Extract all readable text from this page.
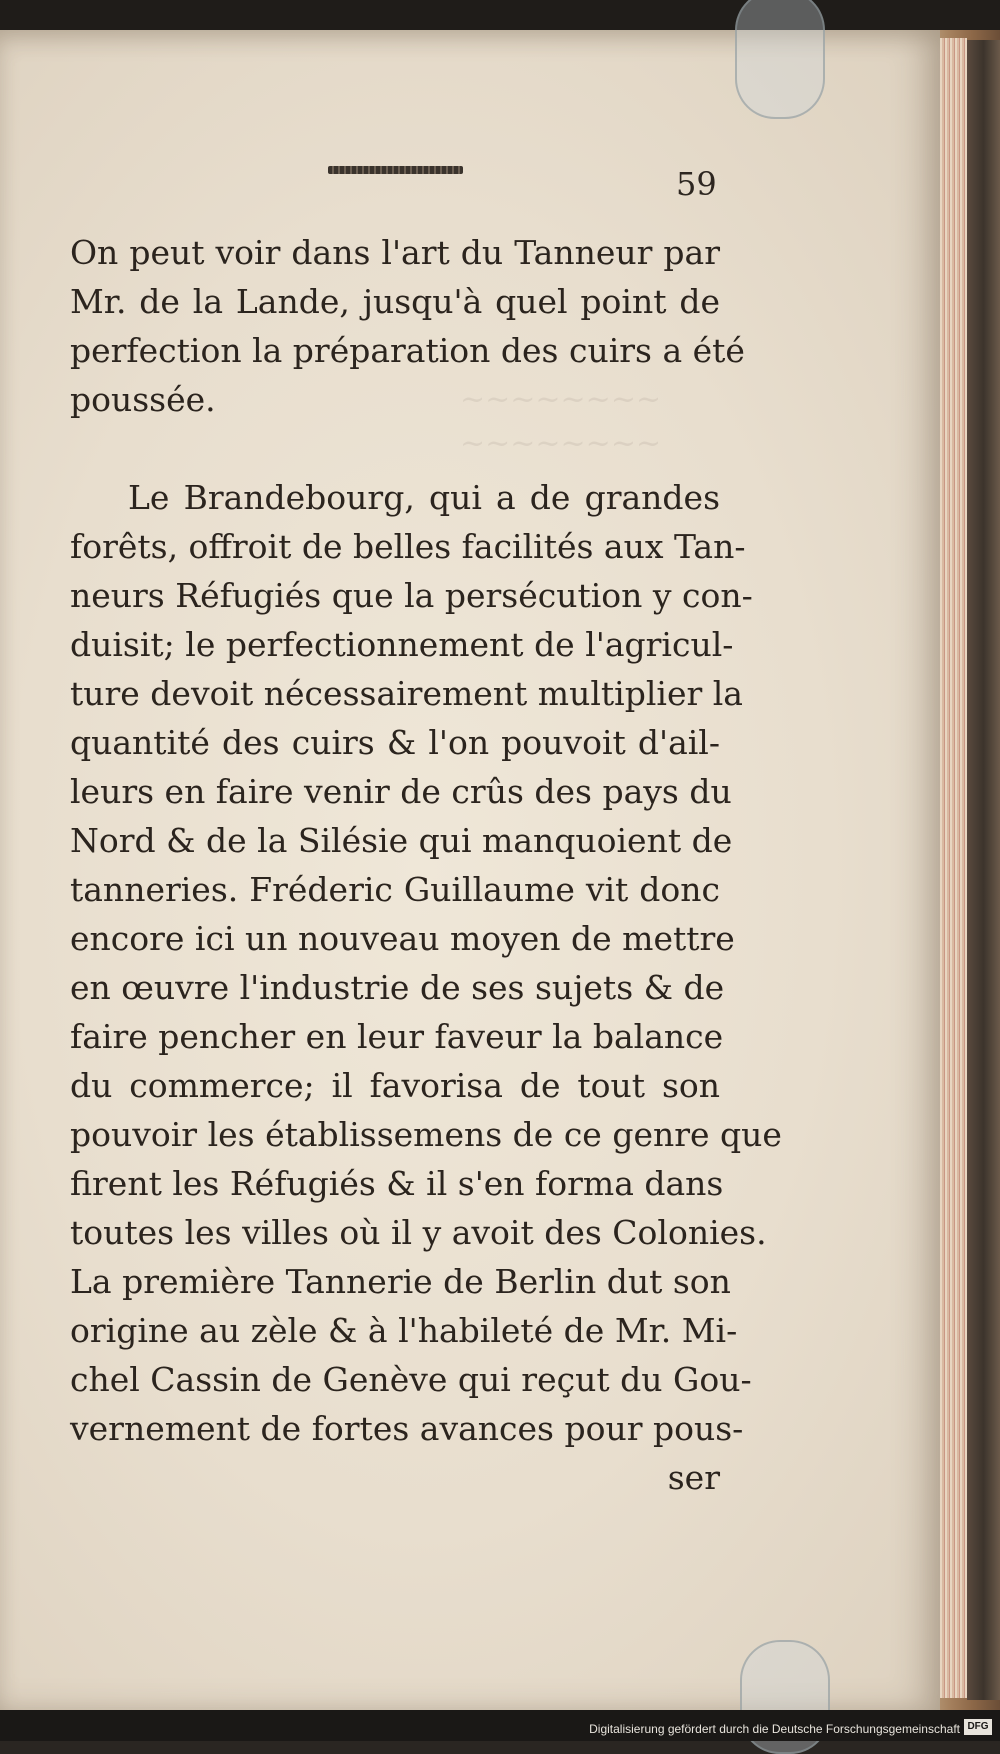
~~~~~~~~
~~~~~~~~
59
On peut voir dans l'art du Tanneur par
Mr. de la Lande, jusqu'à quel point de
perfection la préparation des cuirs a été
poussée.
Le Brandebourg, qui a de grandes
forêts, offroit de belles facilités aux Tan-
neurs Réfugiés que la persécution y con-
duisit; le perfectionnement de l'agricul-
ture devoit nécessairement multiplier la
quantité des cuirs & l'on pouvoit d'ail-
leurs en faire venir de crûs des pays du
Nord & de la Silésie qui manquoient de
tanneries. Fréderic Guillaume vit donc
encore ici un nouveau moyen de mettre
en œuvre l'industrie de ses sujets & de
faire pencher en leur faveur la balance
du commerce; il favorisa de tout son
pouvoir les établissemens de ce genre que
firent les Réfugiés & il s'en forma dans
toutes les villes où il y avoit des Colonies.
La première Tannerie de Berlin dut son
origine au zèle & à l'habileté de Mr. Mi-
chel Cassin de Genève qui reçut du Gou-
vernement de fortes avances pour pous-
ser
Digitalisierung gefördert durch die Deutsche Forschungsgemeinschaft DFG
